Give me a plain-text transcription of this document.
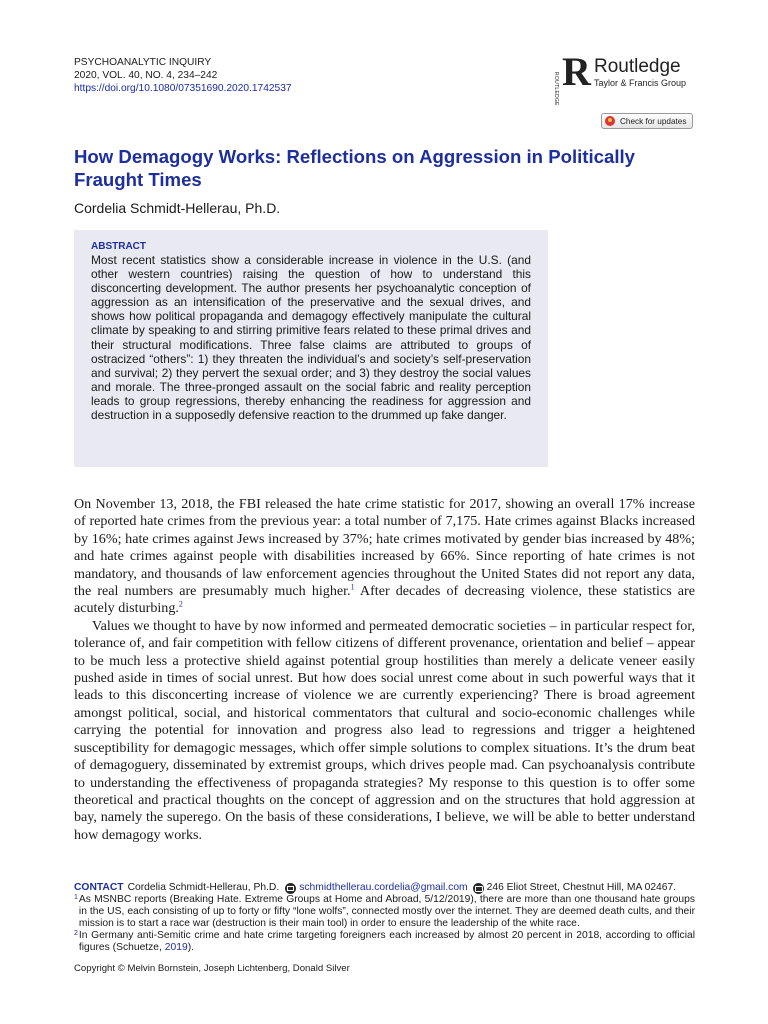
PSYCHOANALYTIC INQUIRY
2020, VOL. 40, NO. 4, 234–242
https://doi.org/10.1080/07351690.2020.1742537	R
ROUTLEDGE
Routledge
Taylor & Francis Group
Check for updates
How Demagogy Works: Reflections on Aggression in Politically Fraught Times
Cordelia Schmidt-Hellerau, Ph.D.
ABSTRACT
Most recent statistics show a considerable increase in violence in the U.S. (and other western countries) raising the question of how to understand this disconcerting development. The author presents her psychoanalytic conception of aggression as an intensification of the preservative and the sexual drives, and shows how political propaganda and demagogy effectively manipulate the cultural climate by speaking to and stirring primitive fears related to these primal drives and their structural modifications. Three false claims are attributed to groups of ostracized “others”: 1) they threaten the individual’s and society’s self-preservation and survival; 2) they pervert the sexual order; and 3) they destroy the social values and morale. The three-pronged assault on the social fabric and reality perception leads to group regressions, thereby enhancing the readiness for aggression and destruction in a supposedly defensive reaction to the drummed up fake danger.

On November 13, 2018, the FBI released the hate crime statistic for 2017, showing an overall 17% increase of reported hate crimes from the previous year: a total number of 7,175. Hate crimes against Blacks increased by 16%; hate crimes against Jews increased by 37%; hate crimes motivated by gender bias increased by 48%; and hate crimes against people with disabilities increased by 66%. Since reporting of hate crimes is not mandatory, and thousands of law enforcement agencies throughout the United States did not report any data, the real numbers are presumably much higher.$^1$ After decades of decreasing violence, these statistics are acutely disturbing.$^2$

Values we thought to have by now informed and permeated democratic societies – in particular respect for, tolerance of, and fair competition with fellow citizens of different provenance, orientation and belief – appear to be much less a protective shield against potential group hostilities than merely a delicate veneer easily pushed aside in times of social unrest. But how does social unrest come about in such powerful ways that it leads to this disconcerting increase of violence we are currently experiencing? There is broad agreement amongst political, social, and historical commentators that cultural and socio-economic challenges while carrying the potential for innovation and progress also lead to regressions and trigger a heightened susceptibility for demagogic messages, which offer simple solutions to complex situations. It’s the drum beat of demagoguery, disseminated by extremist groups, which drives people mad. Can psychoanalysis contribute to understanding the effectiveness of propaganda strategies? My response to this question is to offer some theoretical and practical thoughts on the concept of aggression and on the structures that hold aggression at bay, namely the superego. On the basis of these considerations, I believe, we will be able to better understand how demagogy works.

CONTACT Cordelia Schmidt-Hellerau, Ph.D. schmidthellerau.cordelia@gmail.com 246 Eliot Street, Chestnut Hill, MA 02467.
1 As MSNBC reports (Breaking Hate. Extreme Groups at Home and Abroad, 5/12/2019), there are more than one thousand hate groups in the US, each consisting of up to forty or fifty “lone wolfs”, connected mostly over the internet. They are deemed death cults, and their mission is to start a race war (destruction is their main tool) in order to ensure the leadership of the white race.
2 In Germany anti-Semitic crime and hate crime targeting foreigners each increased by almost 20 percent in 2018, according to official figures (Schuetze, 2019).
Copyright © Melvin Bornstein, Joseph Lichtenberg, Donald Silver
